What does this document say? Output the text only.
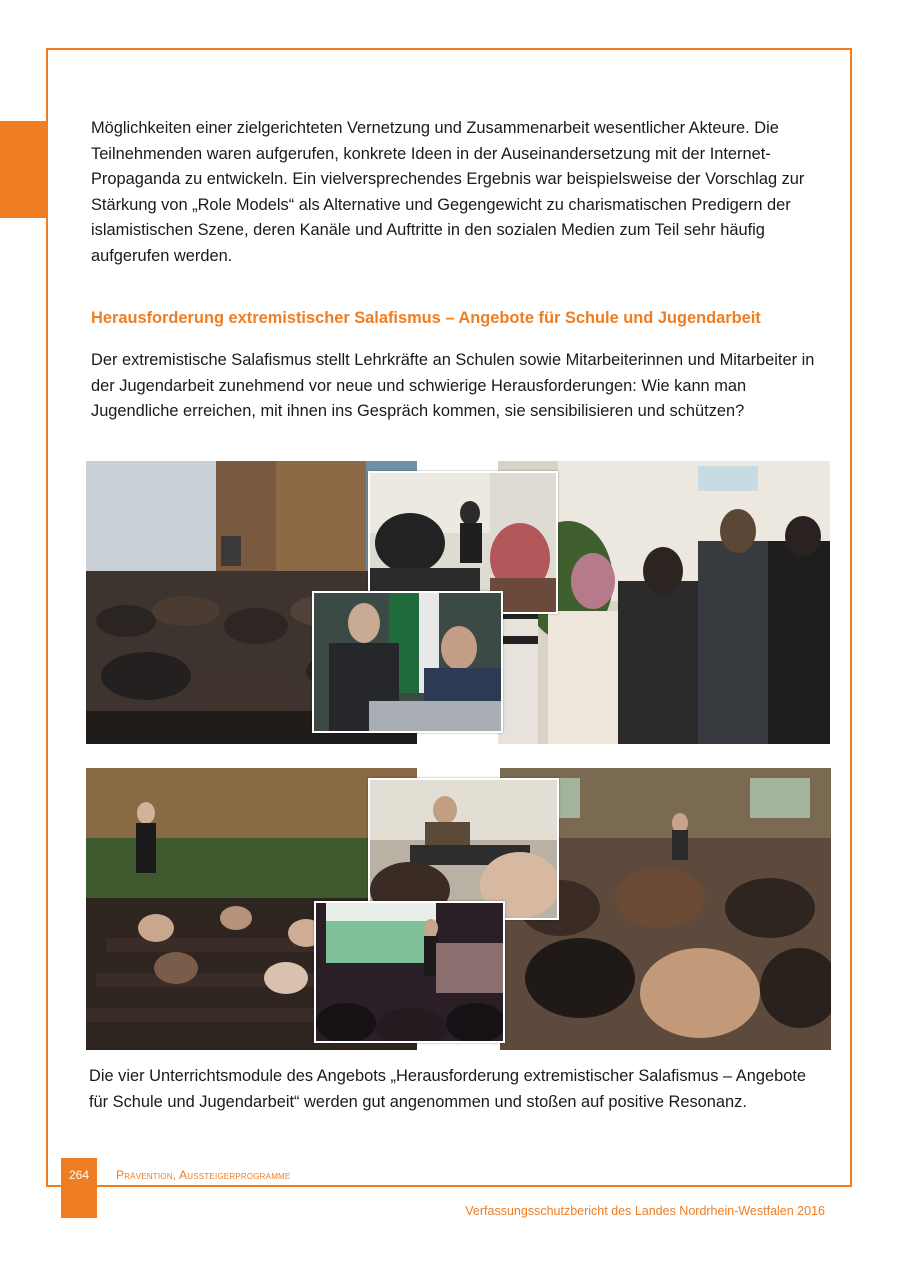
Möglichkeiten einer zielgerichteten Vernetzung und Zusammenarbeit wesentlicher Akteure. Die Teilnehmenden waren aufgerufen, konkrete Ideen in der Auseinandersetzung mit der Internet-Propaganda zu entwickeln. Ein vielversprechendes Ergebnis war beispielsweise der Vorschlag zur Stärkung von „Role Models“ als Alternative und Gegengewicht zu charismatischen Predigern der islamistischen Szene, deren Kanäle und Auftritte in den sozialen Medien zum Teil sehr häufig aufgerufen werden.

Herausforderung extremistischer Salafismus – Angebote für Schule und Jugendarbeit

Der extremistische Salafismus stellt Lehrkräfte an Schulen sowie Mitarbeiterinnen und Mitarbeiter in der Jugendarbeit zunehmend vor neue und schwierige Herausforderungen: Wie kann man Jugendliche erreichen, mit ihnen ins Gespräch kommen, sie sensibilisieren und schützen?

Die vier Unterrichtsmodule des Angebots „Herausforderung extremistischer Salafismus – Angebote für Schule und Jugendarbeit“ werden gut angenommen und stoßen auf positive Resonanz.

264	Prävention, Aussteigerprogramme
Verfassungsschutzbericht des Landes Nordrhein-Westfalen 2016
